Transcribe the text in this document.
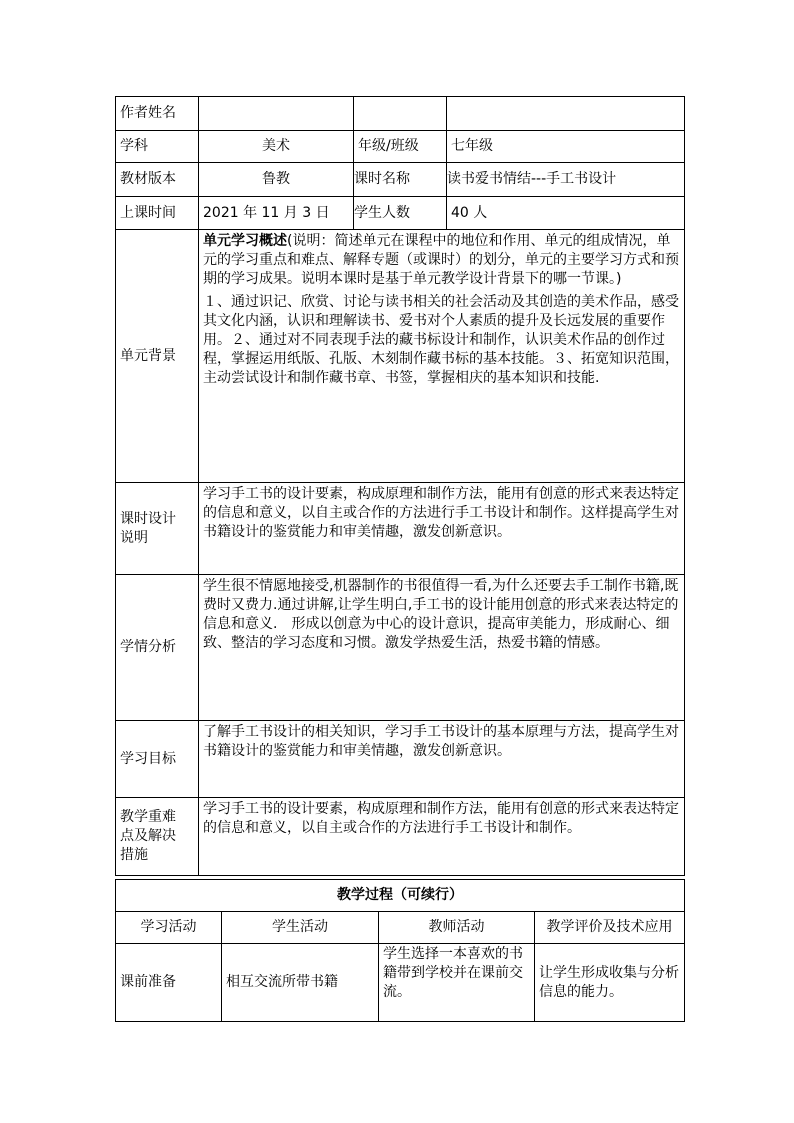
作者姓名			
学科	美术	年级/班级	七年级
教材版本	鲁教	课时名称	读书爱书情结---手工书设计
上课时间	2021 年 11 月 3 日	学生人数	40 人
单元背景	单元学习概述(说明：简述单元在课程中的地位和作用、单元的组成情况，单元的学习重点和难点、解释专题（或课时）的划分，单元的主要学习方式和预期的学习成果。说明本课时是基于单元教学设计背景下的哪一节课。)
１、通过识记、欣赏、讨论与读书相关的社会活动及其创造的美术作品，感受其文化内涵，认识和理解读书、爱书对个人素质的提升及长远发展的重要作用。２、通过对不同表现手法的藏书标设计和制作，认识美术作品的创作过程，掌握运用纸版、孔版、木刻制作藏书标的基本技能。３、拓宽知识范围，主动尝试设计和制作藏书章、书签，掌握相庆的基本知识和技能.		

课时设计
说明	学习手工书的设计要素，构成原理和制作方法，能用有创意的形式来表达特定的信息和意义，以自主或合作的方法进行手工书设计和制作。这样提高学生对书籍设计的鉴赏能力和审美情趣，激发创新意识。		
学情分析	学生很不情愿地接受,机器制作的书很值得一看,为什么还要去手工制作书籍,既费时又费力.通过讲解,让学生明白,手工书的设计能用创意的形式来表达特定的信息和意义.　形成以创意为中心的设计意识，提高审美能力，形成耐心、细致、整洁的学习态度和习惯。激发学热爱生活，热爱书籍的情感。		
学习目标	了解手工书设计的相关知识，学习手工书设计的基本原理与方法，提高学生对书籍设计的鉴赏能力和审美情趣，激发创新意识。		

教学重难
点及解决
措施	学习手工书的设计要素，构成原理和制作方法，能用有创意的形式来表达特定的信息和意义，以自主或合作的方法进行手工书设计和制作。		
教学过程（可续行）			
学习活动	学生活动	教师活动	教学评价及技术应用
课前准备	相互交流所带书籍	学生选择一本喜欢的书籍带到学校并在课前交流。	让学生形成收集与分析信息的能力。
